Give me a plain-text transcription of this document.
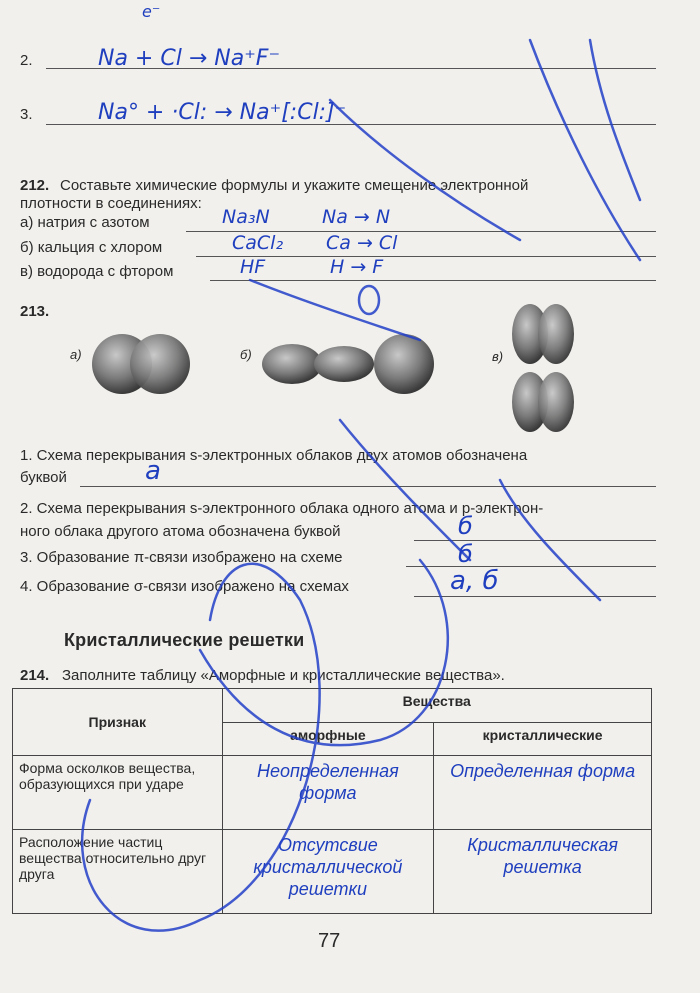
e⁻
2.	Na + Cl → Na⁺F⁻
3.	Na° + ·Cl: → Na⁺[:Cl:]⁻
212. Составьте химические формулы и укажите смещение электронной
плотности в соединениях:
а) натрия с азотом	Na₃N	Na → N
б) кальция с хлором	CaCl₂ Ca → Cl
в) водорода с фтором	HF	H → F
213.
а)	б)	в)
1. Схема перекрывания s-электронных облаков двух атомов обозначена
буквой	а
2. Схема перекрывания s-электронного облака одного атома и p-электрон-
ного облака другого атома обозначена буквой	б
3. Образование π-связи изображено на схеме	б
4. Образование σ-связи изображено на схемах	а, б
Кристаллические решетки
214. Заполните таблицу «Аморфные и кристаллические вещества».
Признак	Вещества	
	аморфные	кристаллические
Форма осколков вещества, образующихся при ударе	Неопределенная форма	Определенная форма
Расположение частиц вещества относительно друг друга	Отсутсвие кристаллической решетки	Кристаллическая решетка
77
